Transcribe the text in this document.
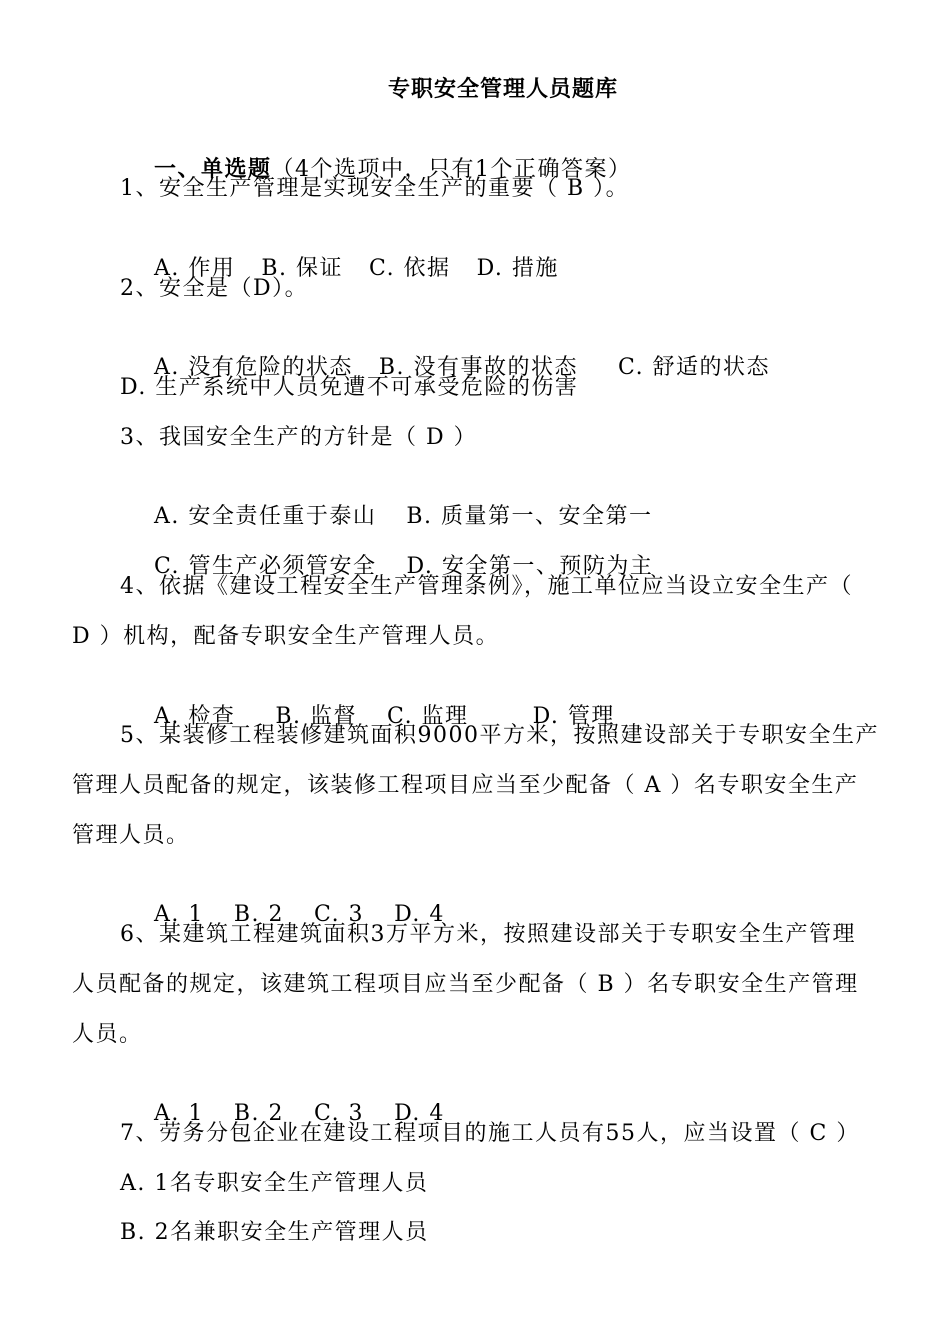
专职安全管理人员题库

一、单选题（4个选项中，只有1个正确答案）

1、安全生产管理是实现安全生产的重要（ B ）。

A. 作用 B. 保证 C. 依据 D. 措施

2、安全是（D）。

A. 没有危险的状态 B. 没有事故的状态 C. 舒适的状态

D. 生产系统中人员免遭不可承受危险的伤害
3、我国安全生产的方针是（ D ）

A. 安全责任重于泰山 B. 质量第一、安全第一

C. 管生产必须管安全 D. 安全第一、预防为主

4、依据《建设工程安全生产管理条例》，施工单位应当设立安全生产（
D ）机构，配备专职安全生产管理人员。

A. 检查 B. 监督 C. 监理	D. 管理

5、某装修工程装修建筑面积9000平方米，按照建设部关于专职安全生产
管理人员配备的规定，该装修工程项目应当至少配备（ A ）名专职安全生产
管理人员。

A. 1 B. 2 C. 3 D. 4

6、某建筑工程建筑面积3万平方米，按照建设部关于专职安全生产管理
人员配备的规定，该建筑工程项目应当至少配备（ B ）名专职安全生产管理
人员。

A. 1 B. 2 C. 3 D. 4

7、劳务分包企业在建设工程项目的施工人员有55人，应当设置（ C ）
A. 1名专职安全生产管理人员
B. 2名兼职安全生产管理人员
